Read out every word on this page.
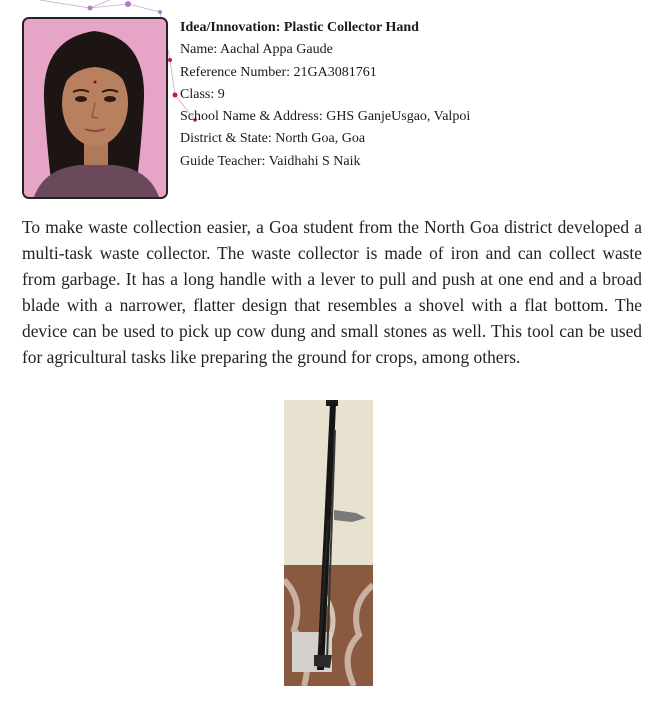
Idea/Innovation: Plastic Collector Hand
Name: Aachal Appa Gaude
Reference Number: 21GA3081761
Class: 9
School Name & Address: GHS GanjeUsgao, Valpoi
District & State: North Goa, Goa
Guide Teacher: Vaidhahi S Naik

To make waste collection easier, a Goa student from the North Goa district developed a multi-task waste collector. The waste collector is made of iron and can collect waste from garbage. It has a long handle with a lever to pull and push at one end and a broad blade with a narrower, flatter design that resembles a shovel with a flat bottom. The device can be used to pick up cow dung and small stones as well. This tool can be used for agricultural tasks like preparing the ground for crops, among others.
